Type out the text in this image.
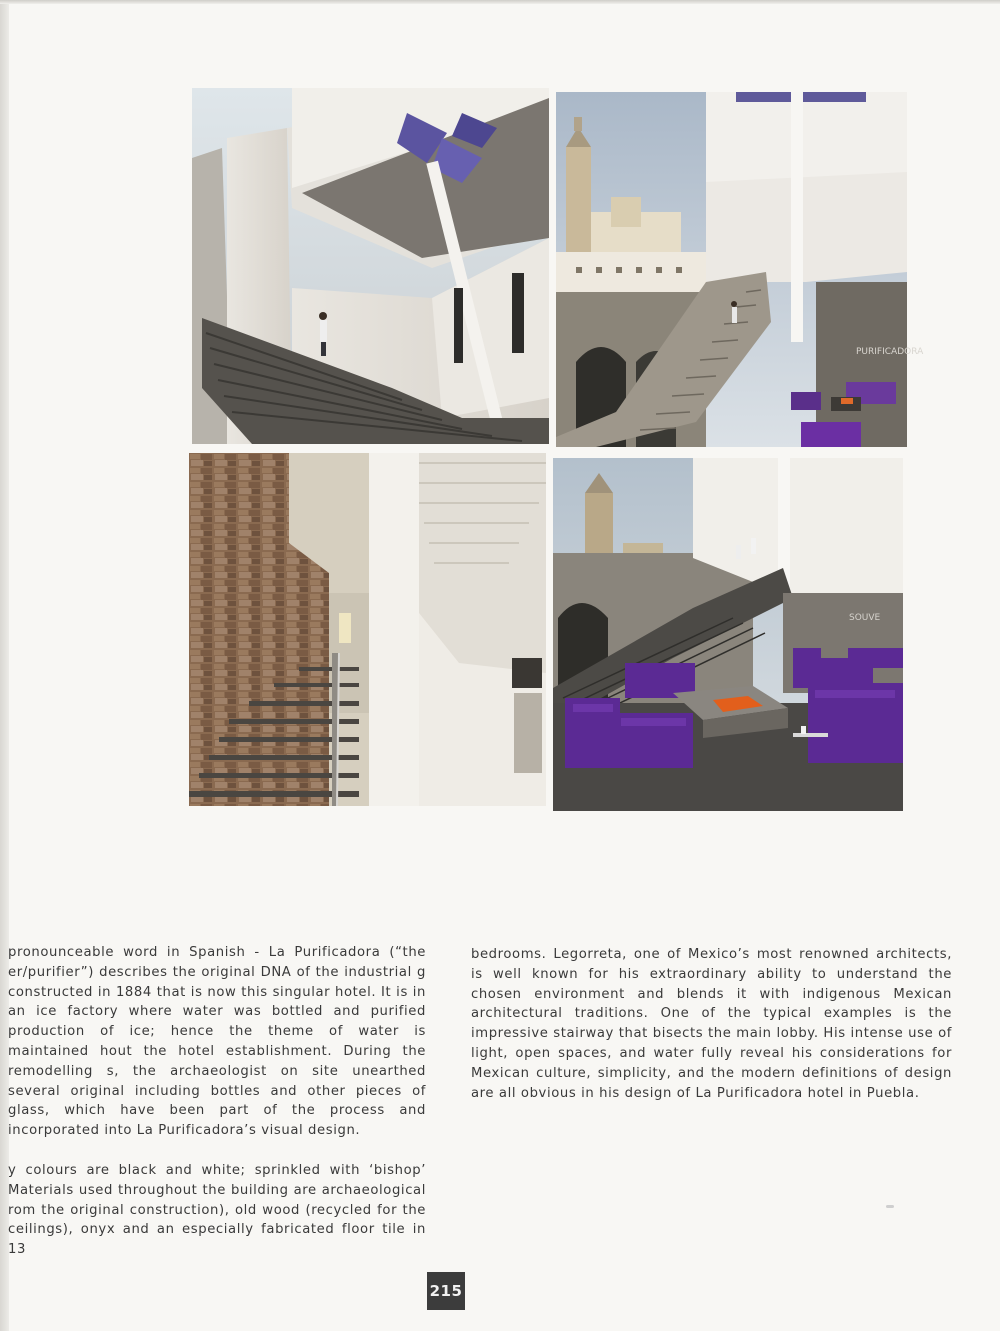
PURIFICADORA
SOUVE

pronounceable word in Spanish - La Purificadora (“the er/purifier”) describes the original DNA of the industrial g constructed in 1884 that is now this singular hotel. It is in an ice factory where water was bottled and purified production of ice; hence the theme of water is maintained hout the hotel establishment. During the remodelling s, the archaeologist on site unearthed several original including bottles and other pieces of glass, which have been part of the process and incorporated into La Purificadora’s visual design.

y colours are black and white; sprinkled with ‘bishop’ Materials used throughout the building are archaeological rom the original construction), old wood (recycled for the ceilings), onyx and an especially fabricated floor tile in 13

bedrooms. Legorreta, one of Mexico’s most renowned architects, is well known for his extraordinary ability to understand the chosen environment and blends it with indigenous Mexican architectural traditions. One of the typical examples is the impressive stairway that bisects the main lobby. His intense use of light, open spaces, and water fully reveal his considerations for Mexican culture, simplicity, and the modern definitions of design are all obvious in his design of La Purificadora hotel in Puebla.

215
